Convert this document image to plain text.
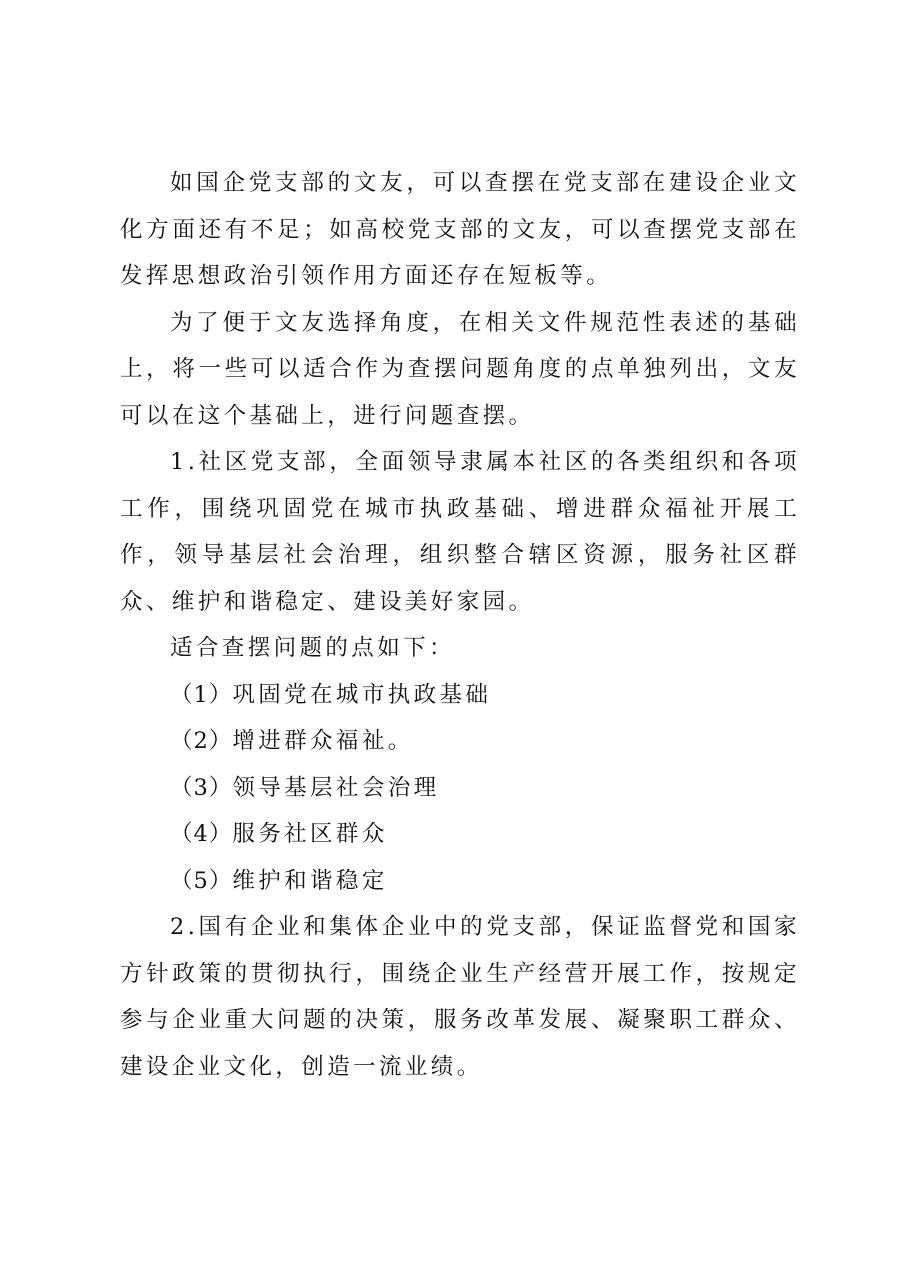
如国企党支部的文友，可以查摆在党支部在建设企业文化方面还有不足；如高校党支部的文友，可以查摆党支部在发挥思想政治引领作用方面还存在短板等。

为了便于文友选择角度，在相关文件规范性表述的基础上，将一些可以适合作为查摆问题角度的点单独列出，文友可以在这个基础上，进行问题查摆。

1.社区党支部，全面领导隶属本社区的各类组织和各项工作，围绕巩固党在城市执政基础、增进群众福祉开展工作，领导基层社会治理，组织整合辖区资源，服务社区群众、维护和谐稳定、建设美好家园。

适合查摆问题的点如下：

（1）巩固党在城市执政基础
（2）增进群众福祉。
（3）领导基层社会治理
（4）服务社区群众
（5）维护和谐稳定

2.国有企业和集体企业中的党支部，保证监督党和国家方针政策的贯彻执行，围绕企业生产经营开展工作，按规定参与企业重大问题的决策，服务改革发展、凝聚职工群众、建设企业文化，创造一流业绩。
